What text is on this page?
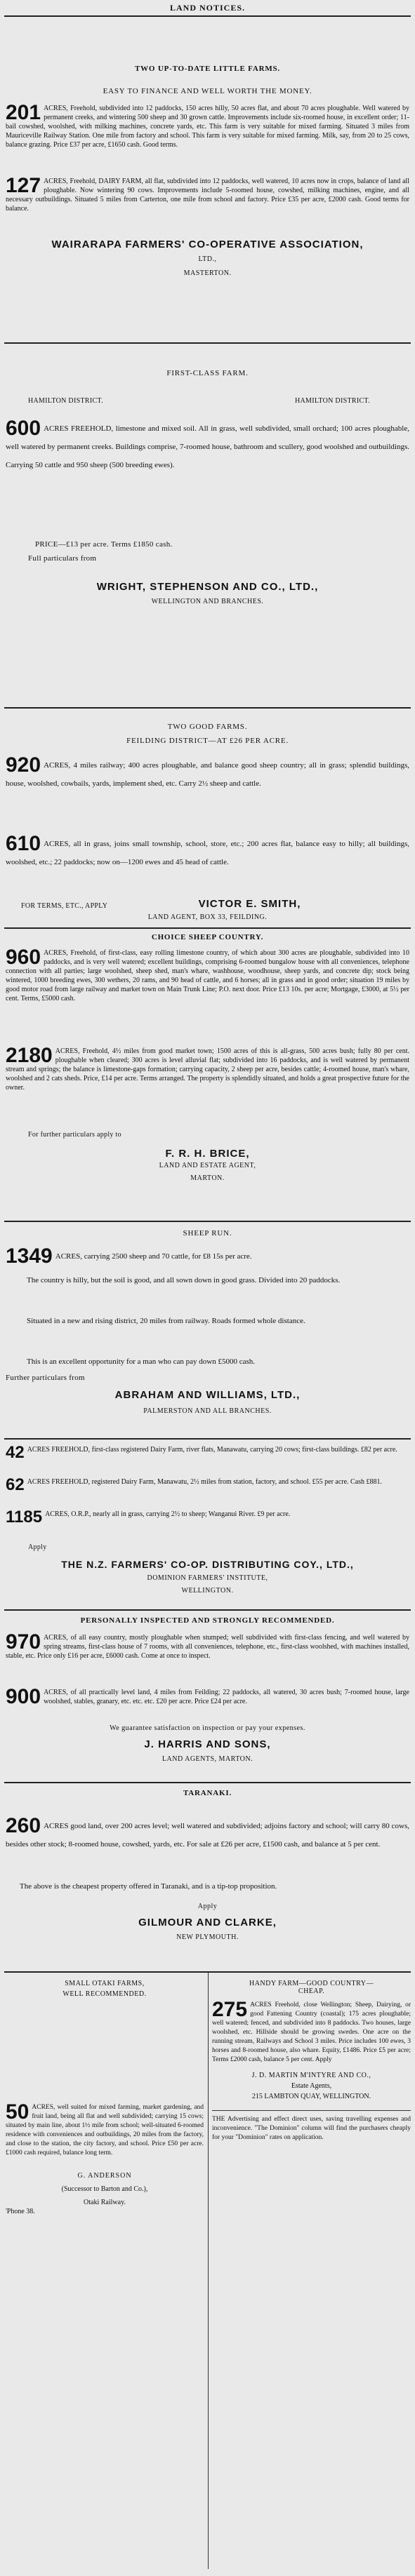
LAND NOTICES.
TWO UP-TO-DATE LITTLE FARMS.
EASY TO FINANCE AND WELL WORTH THE MONEY.
201 ACRES, Freehold, subdivided into 12 paddocks, 150 acres hilly, 50 acres flat, and about 70 acres ploughable. Well watered by permanent creeks, and wintering 500 sheep and 30 grown cattle. Improvements include six-roomed house, in excellent order; 11-bail cowshed, woolshed, with milking machines, concrete yards, etc. This farm is very suitable for mixed farming. Situated 3 miles from Mauriceville Railway Station. One mile from factory and school. This farm is very suitable for mixed farming. Milk, say, from 20 to 25 cows, balance grazing. Price £37 per acre, £1650 cash. Good terms.
127 ACRES, Freehold, DAIRY FARM, all flat, subdivided into 12 paddocks, well watered, 10 acres now in crops, balance of land all ploughable. Now wintering 90 cows. Improvements include 5-roomed house, cowshed, milking machines, engine, and all necessary outbuildings. Situated 5 miles from Carterton, one mile from school and factory. Price £35 per acre, £2000 cash. Good terms for balance.
WAIRARAPA FARMERS' CO-OPERATIVE ASSOCIATION,
LTD.,
MASTERTON.
FIRST-CLASS FARM.
HAMILTON DISTRICT.	HAMILTON DISTRICT.
600 ACRES FREEHOLD, limestone and mixed soil. All in grass, well subdivided, small orchard; 100 acres ploughable, well watered by permanent creeks. Buildings comprise, 7-roomed house, bathroom and scullery, good woolshed and outbuildings. Carrying 50 cattle and 950 sheep (500 breeding ewes).
PRICE—£13 per acre. Terms £1850 cash.
Full particulars from
WRIGHT, STEPHENSON AND CO., LTD.,
WELLINGTON AND BRANCHES.
TWO GOOD FARMS.
FEILDING DISTRICT—AT £26 PER ACRE.
920 ACRES, 4 miles railway; 400 acres ploughable, and balance good sheep country; all in grass; splendid buildings, house, woolshed, cowbails, yards, implement shed, etc. Carry 2½ sheep and cattle.
610 ACRES, all in grass, joins small township, school, store, etc.; 200 acres flat, balance easy to hilly; all buildings, woolshed, etc.; 22 paddocks; now on—1200 ewes and 45 head of cattle.
FOR TERMS, ETC., APPLY	VICTOR E. SMITH,
LAND AGENT, BOX 33, FEILDING.
CHOICE SHEEP COUNTRY.
960 ACRES, Freehold, of first-class, easy rolling limestone country, of which about 300 acres are ploughable, subdivided into 10 paddocks, and is very well watered; excellent buildings, comprising 6-roomed bungalow house with all conveniences, telephone connection with all parties; large woolshed, sheep shed, man's whare, washhouse, woodhouse, sheep yards, and concrete dip; stock being wintered, 1000 breeding ewes, 300 wethers, 20 rams, and 90 head of cattle, and 6 horses; all in grass and in good order; situation 19 miles by good motor road from large railway and market town on Main Trunk Line; P.O. next door. Price £13 10s. per acre; Mortgage, £3000, at 5½ per cent. Terms, £5000 cash.
2180 ACRES, Freehold, 4½ miles from good market town; 1500 acres of this is all-grass, 500 acres bush; fully 80 per cent. ploughable when cleared; 300 acres is level alluvial flat; subdivided into 16 paddocks, and is well watered by permanent stream and springs; the balance is limestone-gaps formation; carrying capacity, 2 sheep per acre, besides cattle; 4-roomed house, man's whare, woolshed and 2 cats sheds. Price, £14 per acre. Terms arranged. The property is splendidly situated, and holds a great prospective future for the owner.
For further particulars apply to
F. R. H. BRICE,
LAND AND ESTATE AGENT,
MARTON.
SHEEP RUN.
1349 ACRES, carrying 2500 sheep and 70 cattle, for £8 15s per acre.
The country is hilly, but the soil is good, and all sown down in good grass. Divided into 20 paddocks.
Situated in a new and rising district, 20 miles from railway. Roads formed whole distance.
This is an excellent opportunity for a man who can pay down £5000 cash.
Further particulars from
ABRAHAM AND WILLIAMS, LTD.,
PALMERSTON AND ALL BRANCHES.
42 ACRES FREEHOLD, first-class registered Dairy Farm, river flats, Manawatu, carrying 20 cows; first-class buildings. £82 per acre.
62 ACRES FREEHOLD, registered Dairy Farm, Manawatu, 2½ miles from station, factory, and school. £55 per acre. Cash £881.
1185 ACRES, O.R.P., nearly all in grass, carrying 2½ to sheep; Wanganui River. £9 per acre.
Apply
THE N.Z. FARMERS' CO-OP. DISTRIBUTING COY., LTD.,
DOMINION FARMERS' INSTITUTE,
WELLINGTON.
PERSONALLY INSPECTED AND STRONGLY RECOMMENDED.
970 ACRES, of all easy country, mostly ploughable when stumped; well subdivided with first-class fencing, and well watered by spring streams, first-class house of 7 rooms, with all conveniences, telephone, etc., first-class woolshed, with machines installed, stable, etc. Price only £16 per acre, £6000 cash. Come at once to inspect.
900 ACRES, of all practically level land, 4 miles from Feilding; 22 paddocks, all watered, 30 acres bush; 7-roomed house, large woolshed, stables, granary, etc. etc. etc. £20 per acre. Price £24 per acre.
We guarantee satisfaction on inspection or pay your expenses.
J. HARRIS AND SONS,
LAND AGENTS, MARTON.
TARANAKI.
260 ACRES good land, over 200 acres level; well watered and subdivided; adjoins factory and school; will carry 80 cows, besides other stock; 8-roomed house, cowshed, yards, etc. For sale at £26 per acre, £1500 cash, and balance at 5 per cent.
The above is the cheapest property offered in Taranaki, and is a tip-top proposition.
Apply
GILMOUR AND CLARKE,
NEW PLYMOUTH.
SMALL OTAKI FARMS,
WELL RECOMMENDED.
50 ACRES, well suited for mixed farming, market gardening, and fruit land, being all flat and well subdivided; carrying 15 cows; situated by main line, about 1½ mile from school; well-situated 6-roomed residence with conveniences and outbuildings, 20 miles from the factory, and close to the station, the city factory, and school. Price £50 per acre. £1000 cash required, balance long term.
G. ANDERSON
(Successor to Barton and Co.),
Otaki Railway.
'Phone 38.
HANDY FARM—GOOD COUNTRY—
CHEAP.
275 ACRES Freehold, close Wellington; Sheep, Dairying, or good Fattening Country (coastal); 175 acres ploughable; well watered; fenced, and subdivided into 8 paddocks. Two houses, large woolshed, etc. Hillside should be growing swedes. One acre on the running stream, Railways and School 3 miles. Price includes 100 ewes, 3 horses and 8-roomed house, also whare. Equity, £1486. Price £5 per acre; Terms £2000 cash, balance 5 per cent. Apply
J. D. MARTIN M'INTYRE AND CO.,
Estate Agents,
215 LAMBTON QUAY, WELLINGTON.
THE Advertising and effect direct uses, saving travelling expenses and inconvenience. "The Dominion" column will find the purchasers cheaply for your "Dominion" rates on application.
